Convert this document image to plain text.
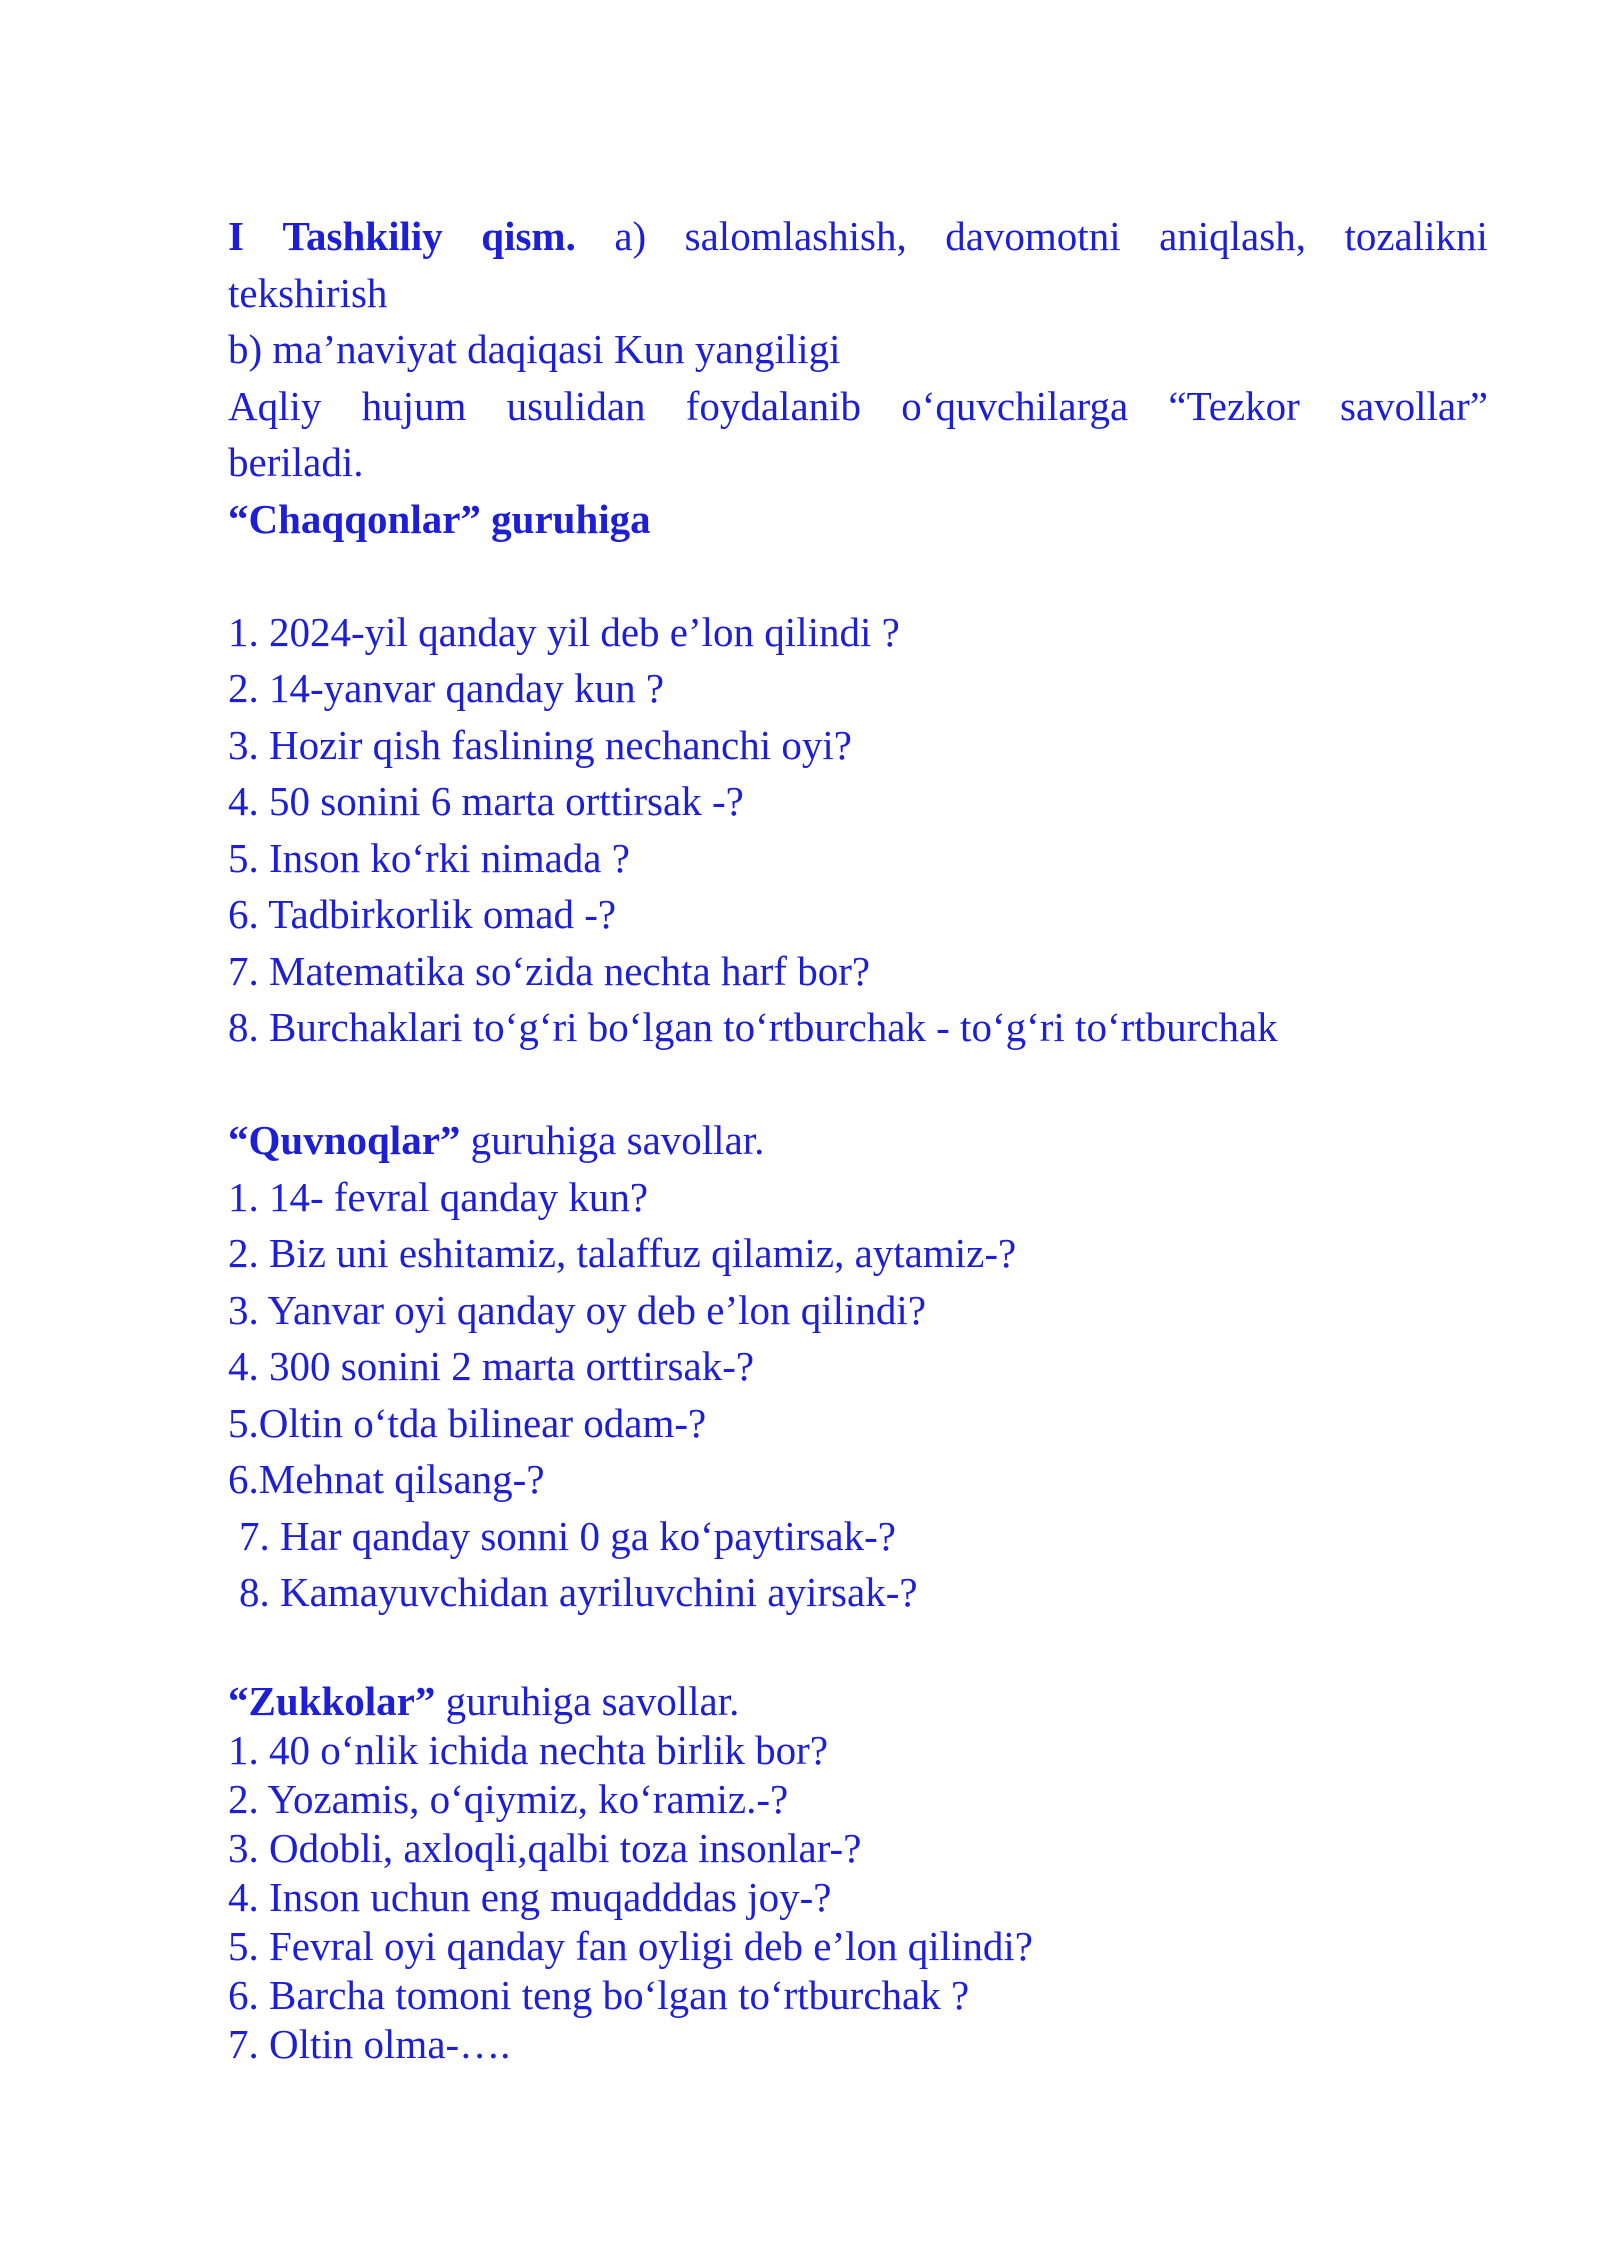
I Tashkiliy qism. a) salomlashish, davomotni aniqlash, tozalikni
tekshirish
b) ma’naviyat daqiqasi Kun yangiligi
Aqliy hujum usulidan foydalanib o‘quvchilarga “Tezkor savollar”
beriladi.
“Chaqqonlar” guruhiga
1. 2024-yil qanday yil deb e’lon qilindi ?
2. 14-yanvar qanday kun ?
3. Hozir qish faslining nechanchi oyi?
4. 50 sonini 6 marta orttirsak -?
5. Inson ko‘rki nimada ?
6. Tadbirkorlik omad -?
7. Matematika so‘zida nechta harf bor?
8. Burchaklari to‘g‘ri bo‘lgan to‘rtburchak - to‘g‘ri to‘rtburchak
“Quvnoqlar” guruhiga savollar.
1. 14- fevral qanday kun?
2. Biz uni eshitamiz, talaffuz qilamiz, aytamiz-?
3. Yanvar oyi qanday oy deb e’lon qilindi?
4. 300 sonini 2 marta orttirsak-?
5.Oltin o‘tda bilinear odam-?
6.Mehnat qilsang-?
7. Har qanday sonni 0 ga ko‘paytirsak-?
8. Kamayuvchidan ayriluvchini ayirsak-?
“Zukkolar” guruhiga savollar.
1. 40 o‘nlik ichida nechta birlik bor?
2. Yozamis, o‘qiymiz, ko‘ramiz.-?
3. Odobli, axloqli,qalbi toza insonlar-?
4. Inson uchun eng muqadddas joy-?
5. Fevral oyi qanday fan oyligi deb e’lon qilindi?
6. Barcha tomoni teng bo‘lgan to‘rtburchak ?
7. Oltin olma-….
